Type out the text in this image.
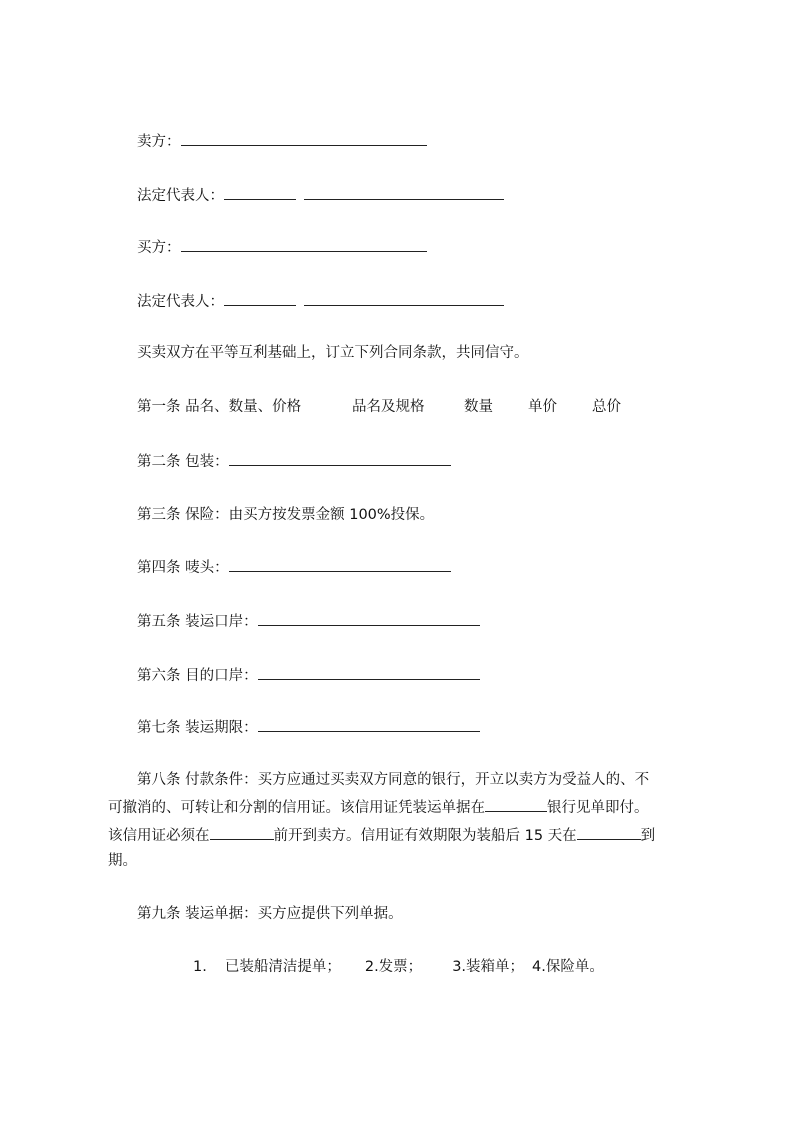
卖方：
法定代表人：
买方：
法定代表人：
买卖双方在平等互利基础上，订立下列合同条款，共同信守。
第一条 品名、数量、价格	品名及规格	数量 单价 总价
第二条 包装：
第三条 保险：由买方按发票金额 100%投保。
第四条 唛头：
第五条 装运口岸：
第六条 目的口岸：
第七条 装运期限：
第八条 付款条件：买方应通过买卖双方同意的银行，开立以卖方为受益人的、不
可撤消的、可转让和分割的信用证。该信用证凭装运单据在	银行见单即付。
该信用证必须在	前开到卖方。信用证有效期限为装船后 15 天在	到
期。
第九条 装运单据：买方应提供下列单据。
1. 已装船清洁提单； 2.发票； 3.装箱单； 4.保险单。
